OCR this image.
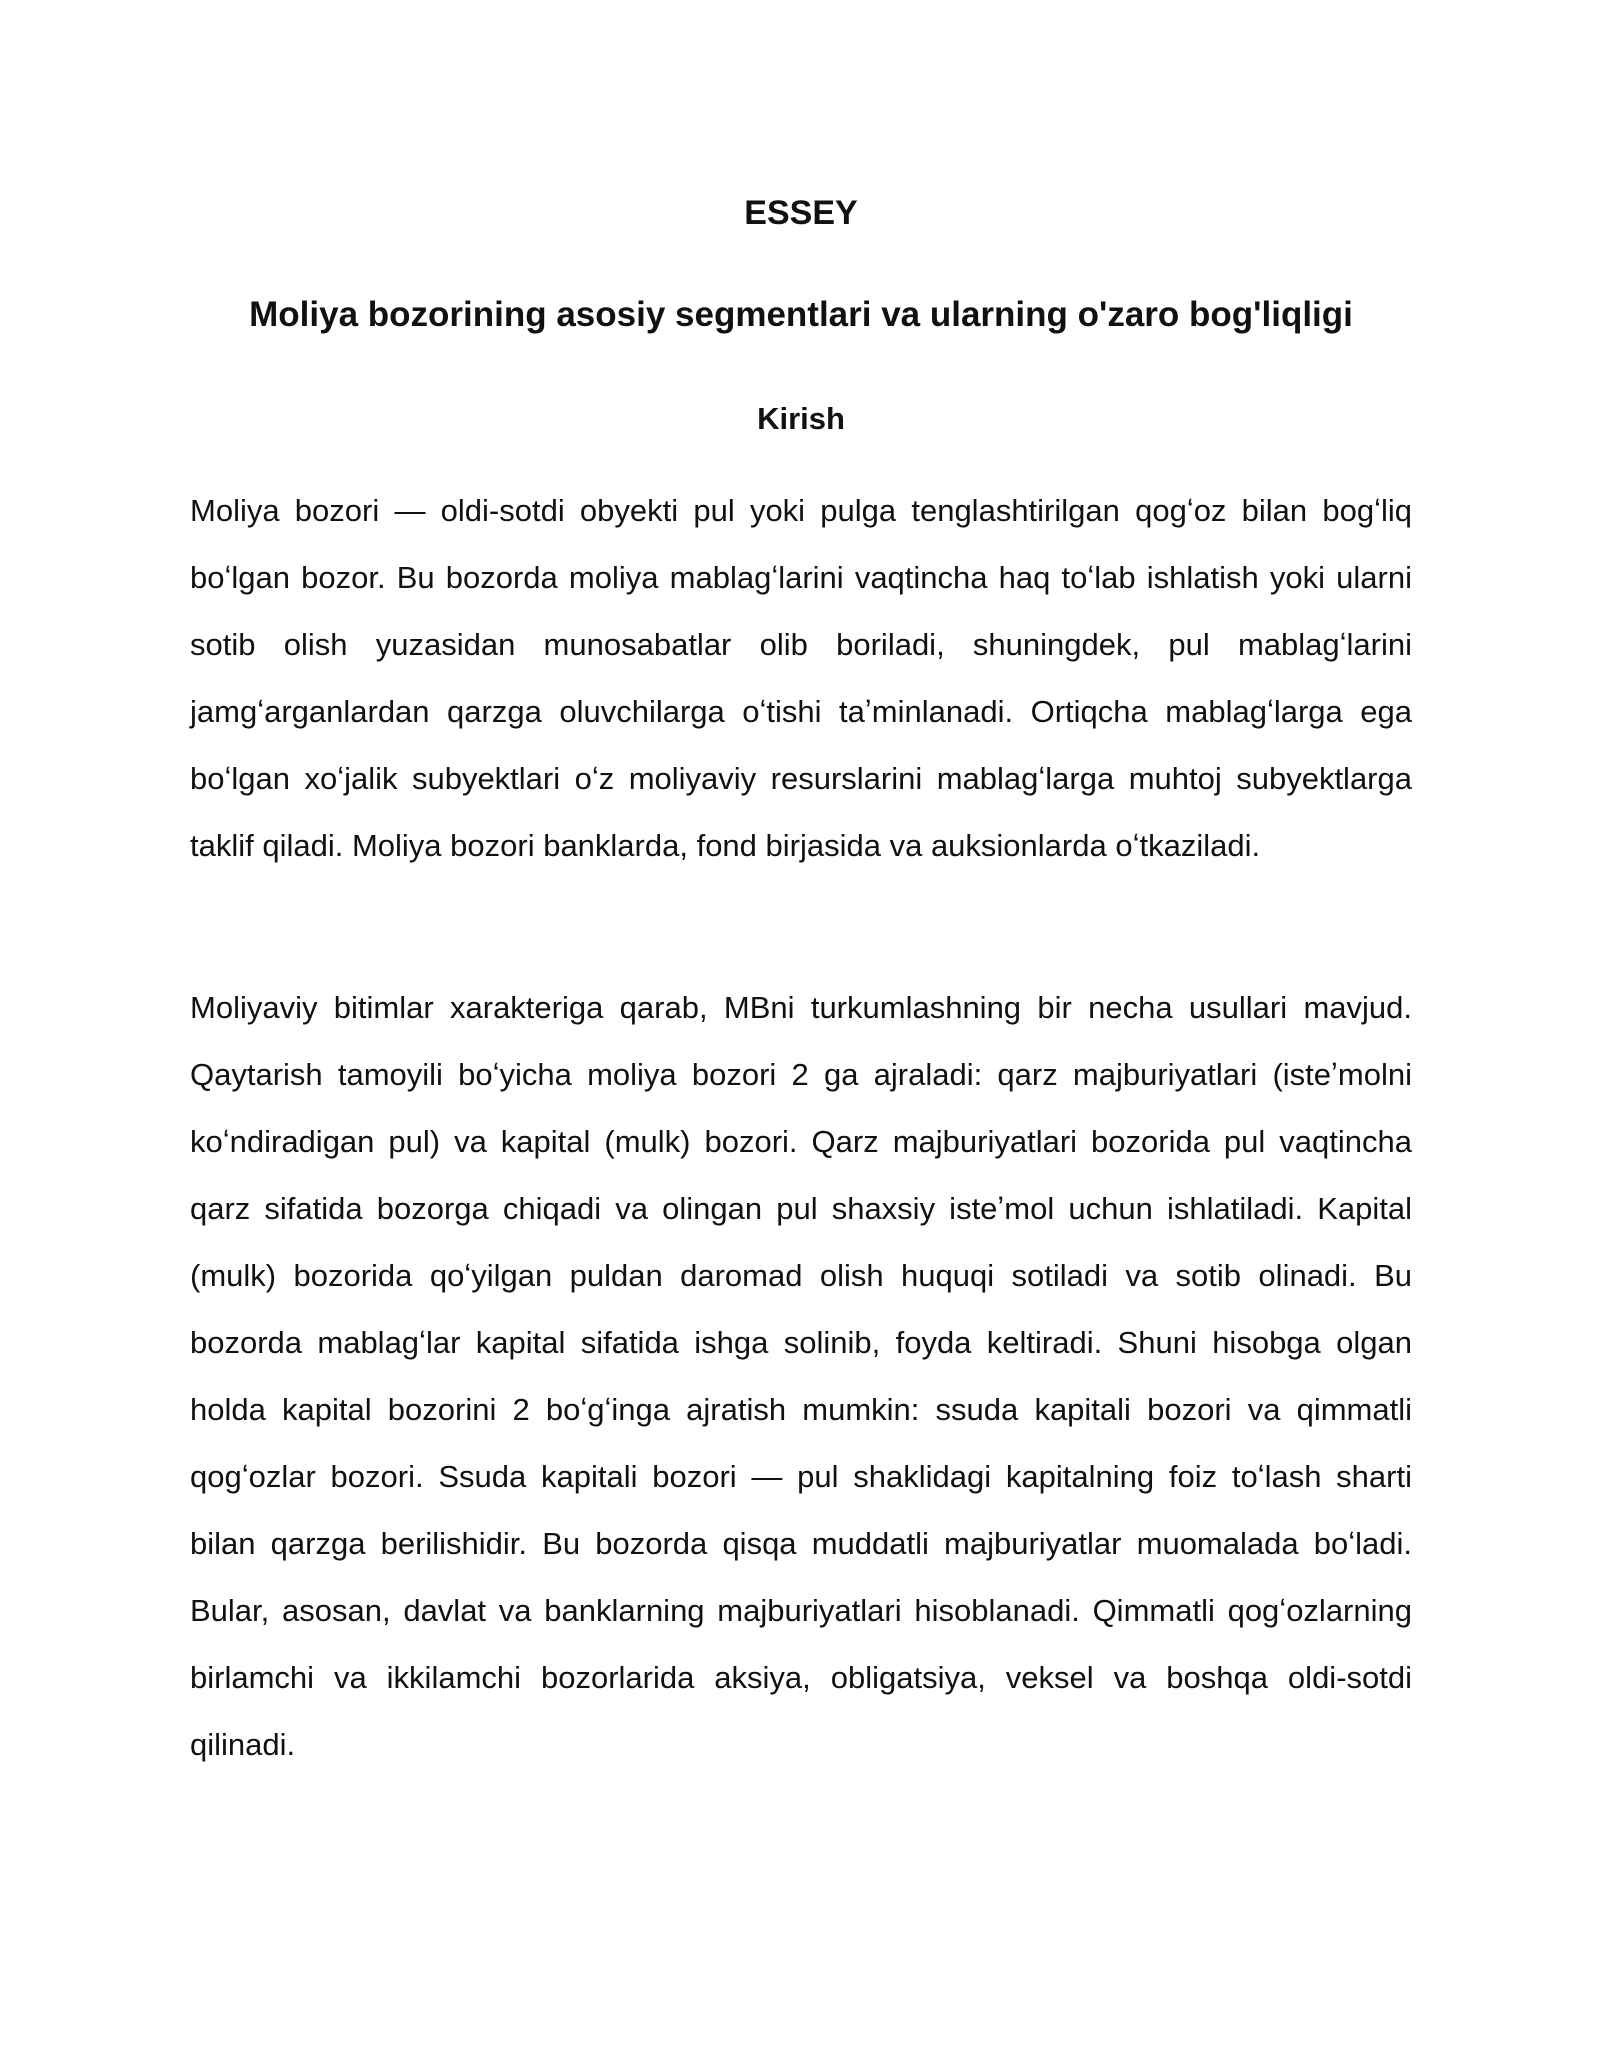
ESSEY
Moliya bozorining asosiy segmentlari va ularning o'zaro bog'liqligi
Kirish

Moliya bozori — oldi-sotdi obyekti pul yoki pulga tenglashtirilgan qogʻoz bilan bogʻliq boʻlgan bozor. Bu bozorda moliya mablagʻlarini vaqtincha haq toʻlab ishlatish yoki ularni sotib olish yuzasidan munosabatlar olib boriladi, shuningdek, pul mablagʻlarini jamgʻarganlardan qarzga oluvchilarga oʻtishi taʼminlanadi. Ortiqcha mablagʻlarga ega boʻlgan xoʻjalik subyektlari oʻz moliyaviy resurslarini mablagʻlarga muhtoj subyektlarga taklif qiladi. Moliya bozori banklarda, fond birjasida va auksionlarda oʻtkaziladi.

Moliyaviy bitimlar xarakteriga qarab, MBni turkumlashning bir necha usullari mavjud. Qaytarish tamoyili boʻyicha moliya bozori 2 ga ajraladi: qarz majburiyatlari (isteʼmolni koʻndiradigan pul) va kapital (mulk) bozori. Qarz majburiyatlari bozorida pul vaqtincha qarz sifatida bozorga chiqadi va olingan pul shaxsiy isteʼmol uchun ishlatiladi. Kapital (mulk) bozorida qoʻyilgan puldan daromad olish huquqi sotiladi va sotib olinadi. Bu bozorda mablagʻlar kapital sifatida ishga solinib, foyda keltiradi. Shuni hisobga olgan holda kapital bozorini 2 boʻgʻinga ajratish mumkin: ssuda kapitali bozori va qimmatli qogʻozlar bozori. Ssuda kapitali bozori — pul shaklidagi kapitalning foiz toʻlash sharti bilan qarzga berilishidir. Bu bozorda qisqa muddatli majburiyatlar muomalada boʻladi. Bular, asosan, davlat va banklarning majburiyatlari hisoblanadi. Qimmatli qogʻozlarning birlamchi va ikkilamchi bozorlarida aksiya, obligatsiya, veksel va boshqa oldi-sotdi qilinadi.
